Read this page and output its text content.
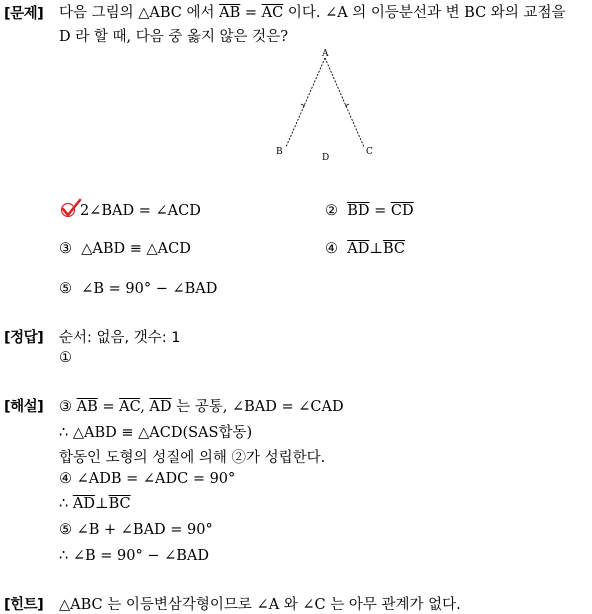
[문제] 다음 그림의 △ABC 에서 $\overline{AB} = \overline{AC}$ 이다. ∠A 의 이등분선과 변 BC 와의 교점을
D 라 할 때, 다음 중 옳지 않은 것은?
A
B	C
D
2∠BAD = ∠ACD	② $\overline{BD} = \overline{CD}$
③ △ABD ≡ △ACD	④ $\overline{AD}\perp\overline{BC}$
⑤ ∠B = 90° − ∠BAD
[정답] 순서: 없음, 갯수: 1
①
[해설] ③ $\overline{AB} = \overline{AC}$, $\overline{AD}$ 는 공통, ∠BAD = ∠CAD
∴ △ABD ≡ △ACD(SAS합동)
합동인 도형의 성질에 의해 ②가 성립한다.
④ ∠ADB = ∠ADC = 90°
∴ $\overline{AD}\perp\overline{BC}$
⑤ ∠B + ∠BAD = 90°
∴ ∠B = 90° − ∠BAD
[힌트] △ABC 는 이등변삼각형이므로 ∠A 와 ∠C 는 아무 관계가 없다.
